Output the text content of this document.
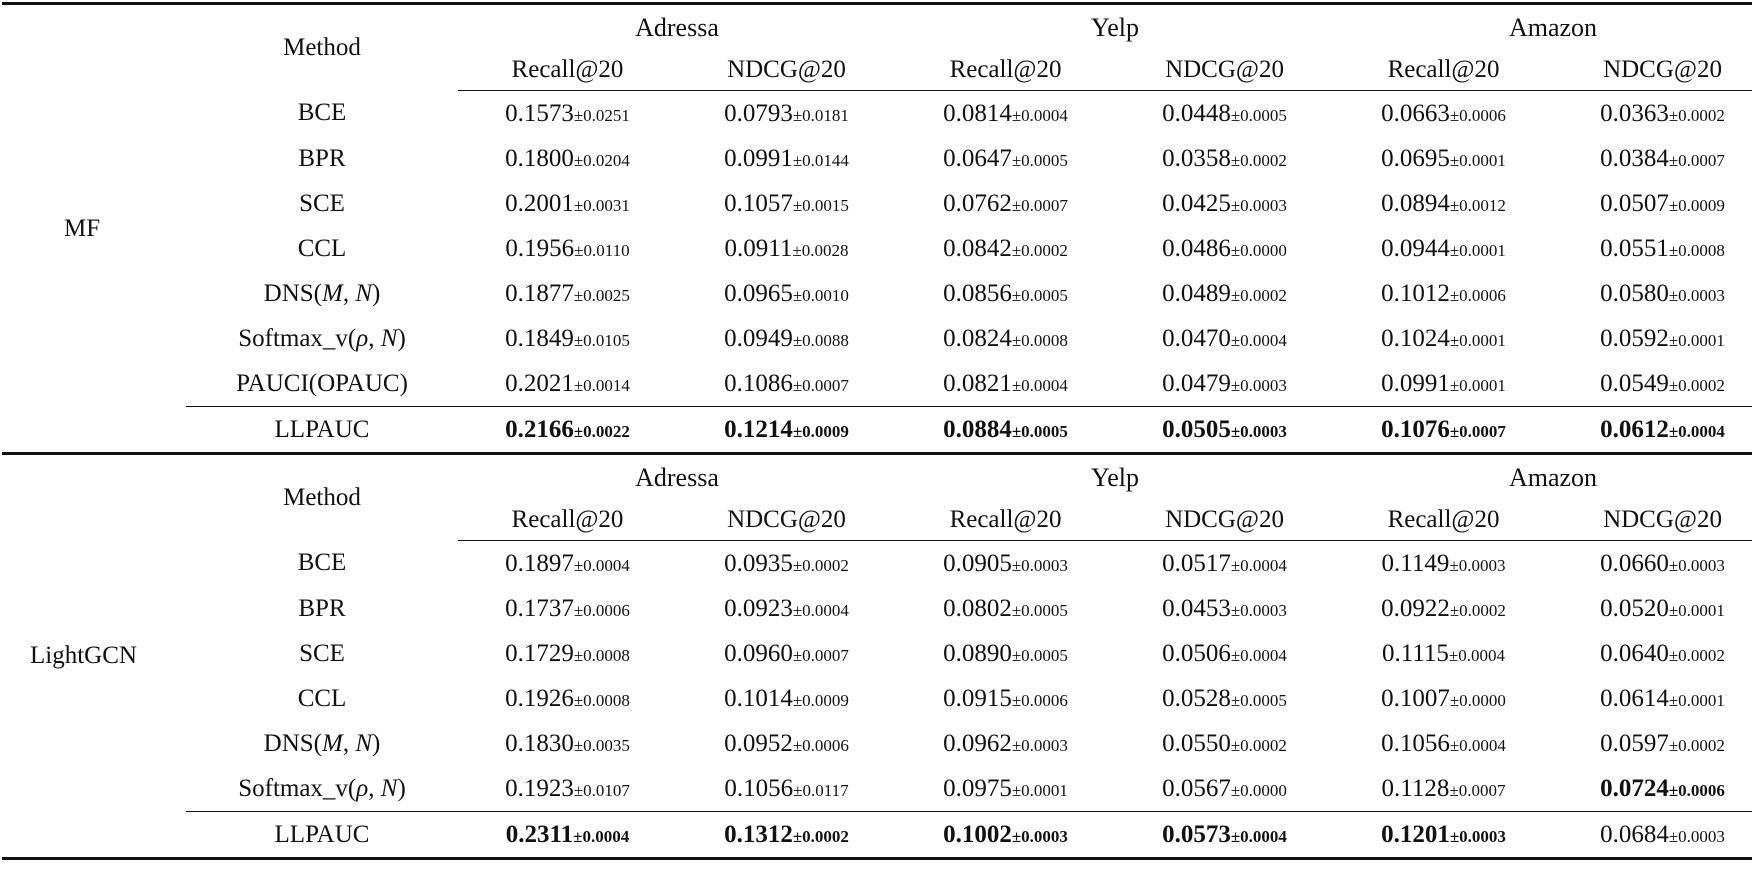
MF	Method	Adressa		Yelp		Amazon	
		Recall@20	NDCG@20	Recall@20	NDCG@20	Recall@20	NDCG@20
	BCE	0.1573±0.0251	0.0793±0.0181	0.0814±0.0004	0.0448±0.0005	0.0663±0.0006	0.0363±0.0002
	BPR	0.1800±0.0204	0.0991±0.0144	0.0647±0.0005	0.0358±0.0002	0.0695±0.0001	0.0384±0.0007
	SCE	0.2001±0.0031	0.1057±0.0015	0.0762±0.0007	0.0425±0.0003	0.0894±0.0012	0.0507±0.0009
	CCL	0.1956±0.0110	0.0911±0.0028	0.0842±0.0002	0.0486±0.0000	0.0944±0.0001	0.0551±0.0008
	DNS(M, N)	0.1877±0.0025	0.0965±0.0010	0.0856±0.0005	0.0489±0.0002	0.1012±0.0006	0.0580±0.0003
	Softmax_v(ρ, N)	0.1849±0.0105	0.0949±0.0088	0.0824±0.0008	0.0470±0.0004	0.1024±0.0001	0.0592±0.0001
	PAUCI(OPAUC)	0.2021±0.0014	0.1086±0.0007	0.0821±0.0004	0.0479±0.0003	0.0991±0.0001	0.0549±0.0002
	LLPAUC	0.2166±0.0022	0.1214±0.0009	0.0884±0.0005	0.0505±0.0003	0.1076±0.0007	0.0612±0.0004
LightGCN	Method	Adressa		Yelp		Amazon	
		Recall@20	NDCG@20	Recall@20	NDCG@20	Recall@20	NDCG@20
	BCE	0.1897±0.0004	0.0935±0.0002	0.0905±0.0003	0.0517±0.0004	0.1149±0.0003	0.0660±0.0003
	BPR	0.1737±0.0006	0.0923±0.0004	0.0802±0.0005	0.0453±0.0003	0.0922±0.0002	0.0520±0.0001
	SCE	0.1729±0.0008	0.0960±0.0007	0.0890±0.0005	0.0506±0.0004	0.1115±0.0004	0.0640±0.0002
	CCL	0.1926±0.0008	0.1014±0.0009	0.0915±0.0006	0.0528±0.0005	0.1007±0.0000	0.0614±0.0001
	DNS(M, N)	0.1830±0.0035	0.0952±0.0006	0.0962±0.0003	0.0550±0.0002	0.1056±0.0004	0.0597±0.0002
	Softmax_v(ρ, N)	0.1923±0.0107	0.1056±0.0117	0.0975±0.0001	0.0567±0.0000	0.1128±0.0007	0.0724±0.0006
	LLPAUC	0.2311±0.0004	0.1312±0.0002	0.1002±0.0003	0.0573±0.0004	0.1201±0.0003	0.0684±0.0003
